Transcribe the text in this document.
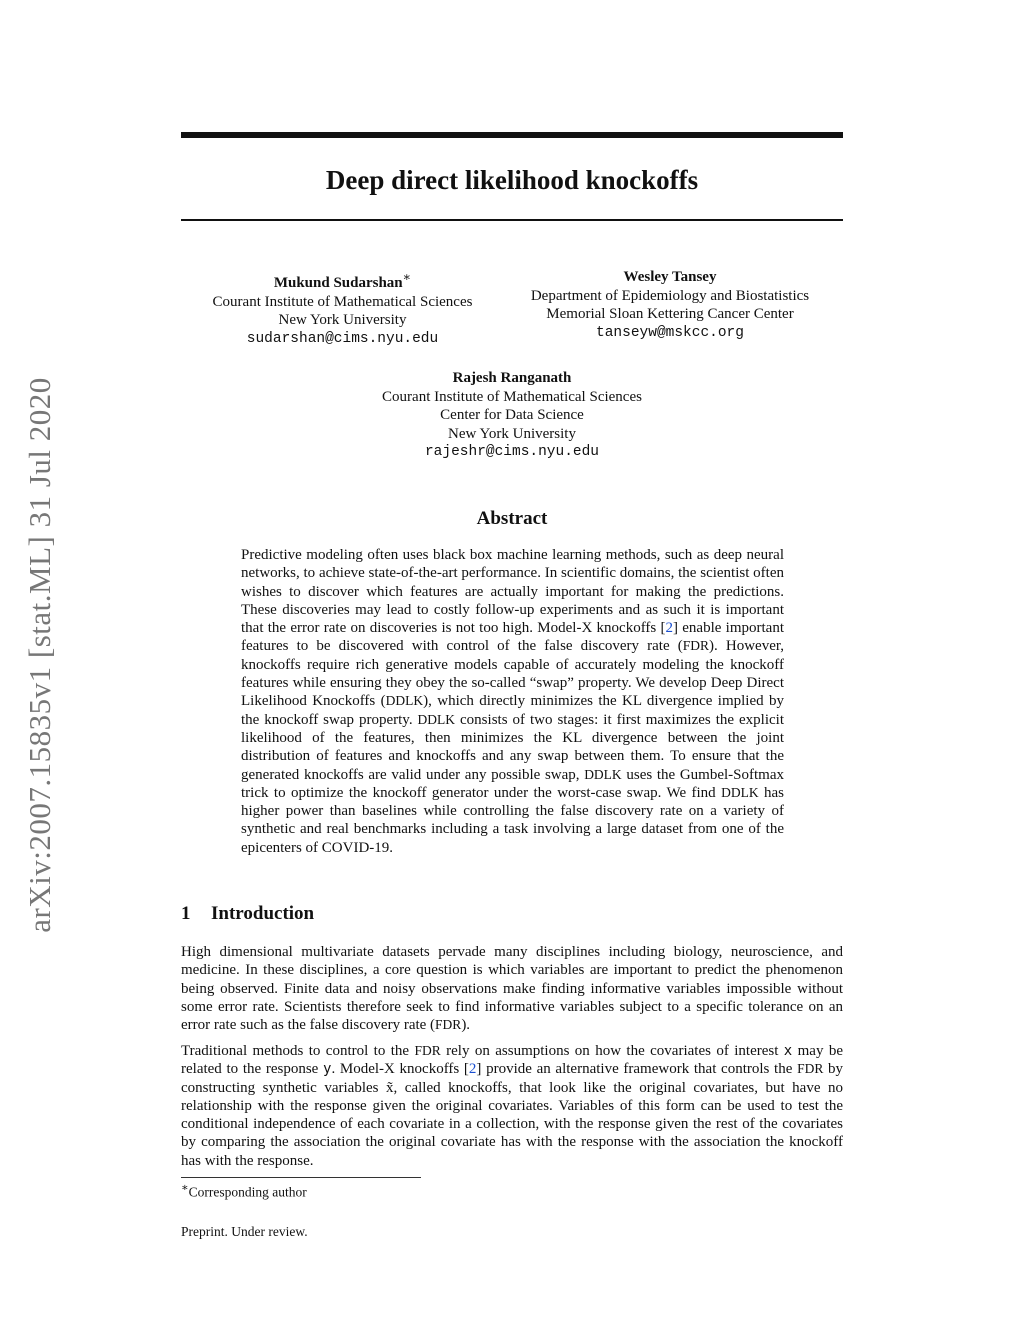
arXiv:2007.15835v1 [stat.ML] 31 Jul 2020
Deep direct likelihood knockoffs
Mukund Sudarshan∗
Courant Institute of Mathematical Sciences
New York University
sudarshan@cims.nyu.edu
Wesley Tansey
Department of Epidemiology and Biostatistics
Memorial Sloan Kettering Cancer Center
tanseyw@mskcc.org
Rajesh Ranganath
Courant Institute of Mathematical Sciences
Center for Data Science
New York University
rajeshr@cims.nyu.edu
Abstract

Predictive modeling often uses black box machine learning methods, such as deep neural networks, to achieve state-of-the-art performance. In scientific domains, the scientist often wishes to discover which features are actually important for making the predictions. These discoveries may lead to costly follow-up experiments and as such it is important that the error rate on discoveries is not too high. Model-X knockoffs [2] enable important features to be discovered with control of the false discovery rate (FDR). However, knockoffs require rich generative models capable of accurately modeling the knockoff features while ensuring they obey the so-called “swap” property. We develop Deep Direct Likelihood Knockoffs (DDLK), which directly minimizes the KL divergence implied by the knockoff swap property. DDLK consists of two stages: it first maximizes the explicit likelihood of the features, then minimizes the KL divergence between the joint distribution of features and knockoffs and any swap between them. To ensure that the generated knockoffs are valid under any possible swap, DDLK uses the Gumbel-Softmax trick to optimize the knockoff generator under the worst-case swap. We find DDLK has higher power than baselines while controlling the false discovery rate on a variety of synthetic and real benchmarks including a task involving a large dataset from one of the epicenters of COVID-19.

1 Introduction

High dimensional multivariate datasets pervade many disciplines including biology, neuroscience, and medicine. In these disciplines, a core question is which variables are important to predict the phenomenon being observed. Finite data and noisy observations make finding informative variables impossible without some error rate. Scientists therefore seek to find informative variables subject to a specific tolerance on an error rate such as the false discovery rate (FDR).

Traditional methods to control to the FDR rely on assumptions on how the covariates of interest x may be related to the response y. Model-X knockoffs [2] provide an alternative framework that controls the FDR by constructing synthetic variables x̃, called knockoffs, that look like the original covariates, but have no relationship with the response given the original covariates. Variables of this form can be used to test the conditional independence of each covariate in a collection, with the response given the rest of the covariates by comparing the association the original covariate has with the response with the association the knockoff has with the response.

∗Corresponding author
Preprint. Under review.
